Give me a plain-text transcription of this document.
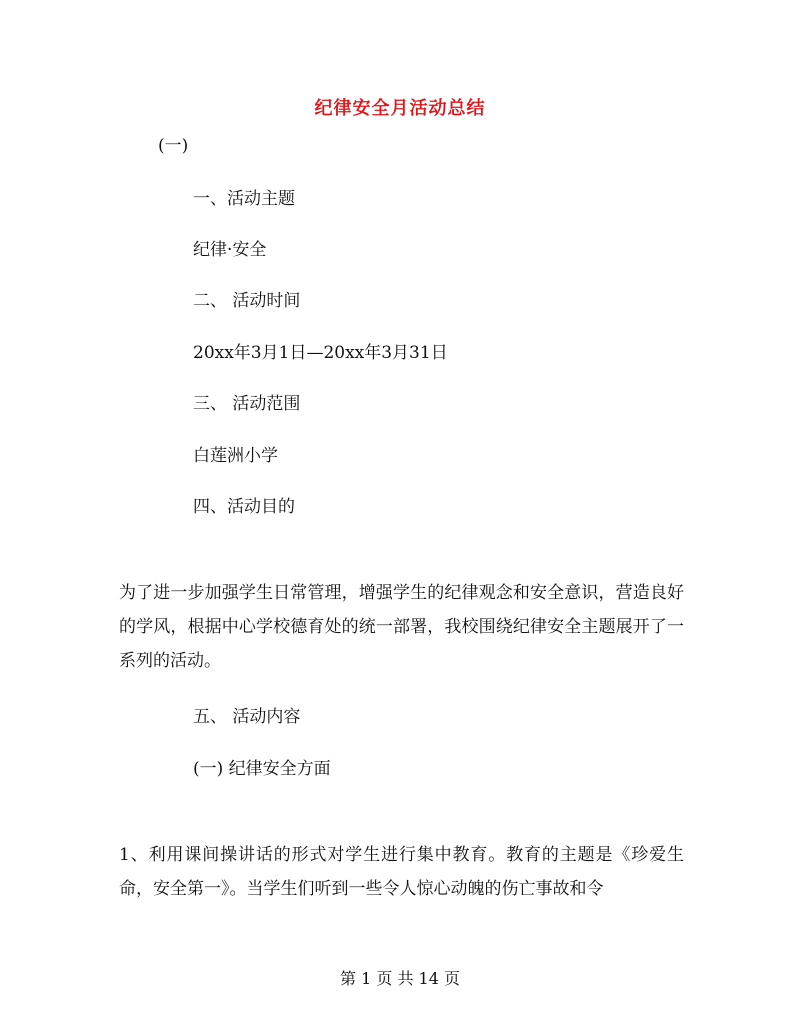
纪律安全月活动总结
(一)
一、活动主题
纪律·安全
二、 活动时间
20xx年3月1日—20xx年3月31日
三、 活动范围
白莲洲小学
四、活动目的
为了进一步加强学生日常管理，增强学生的纪律观念和安全意识，营造良好的学风，根据中心学校德育处的统一部署，我校围绕纪律安全主题展开了一系列的活动。
五、 活动内容
(一) 纪律安全方面
1、利用课间操讲话的形式对学生进行集中教育。教育的主题是《珍爱生命，安全第一》。当学生们听到一些令人惊心动魄的伤亡事故和令
第 1 页 共 14 页
